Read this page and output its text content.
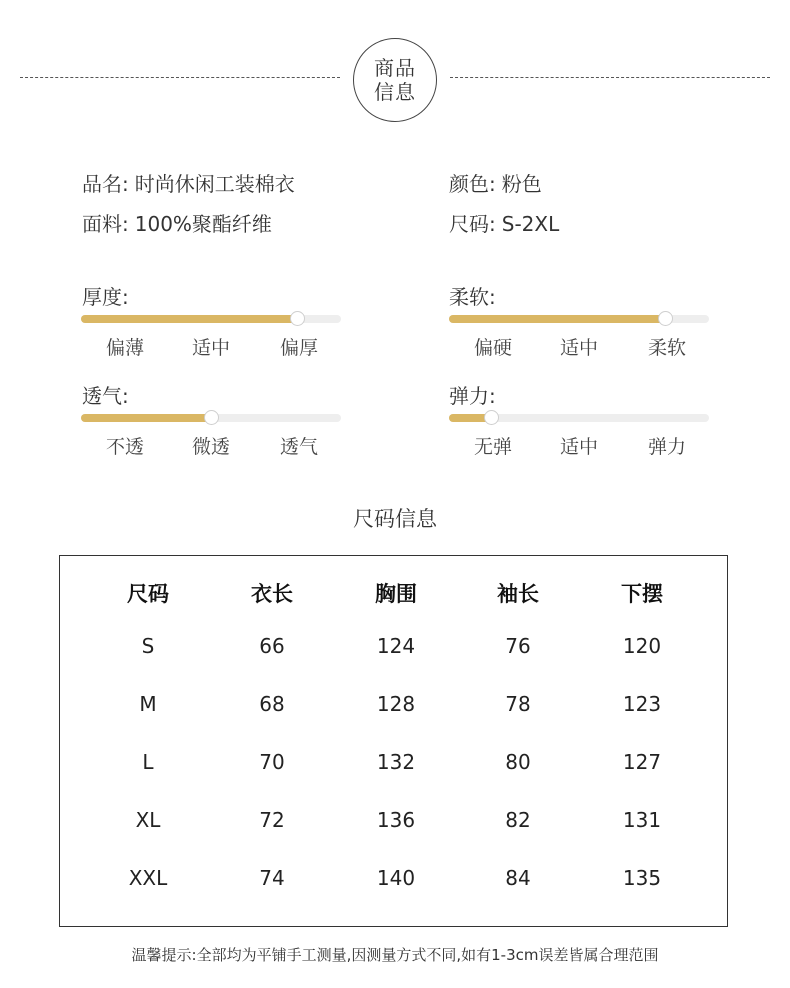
商品
信息
品名: 时尚休闲工装棉衣	颜色: 粉色
面料: 100%聚酯纤维	尺码: S-2XL
厚度:
偏薄	适中	偏厚
柔软:
偏硬	适中	柔软
透气:
不透	微透	透气
弹力:
无弹	适中	弹力
尺码信息
尺码	衣长	胸围	袖长	下摆
S	66	124	76	120
M	68	128	78	123
L	70	132	80	127
XL	72	136	82	131
XXL	74	140	84	135
温馨提示:全部均为平铺手工测量,因测量方式不同,如有1-3cm误差皆属合理范围
